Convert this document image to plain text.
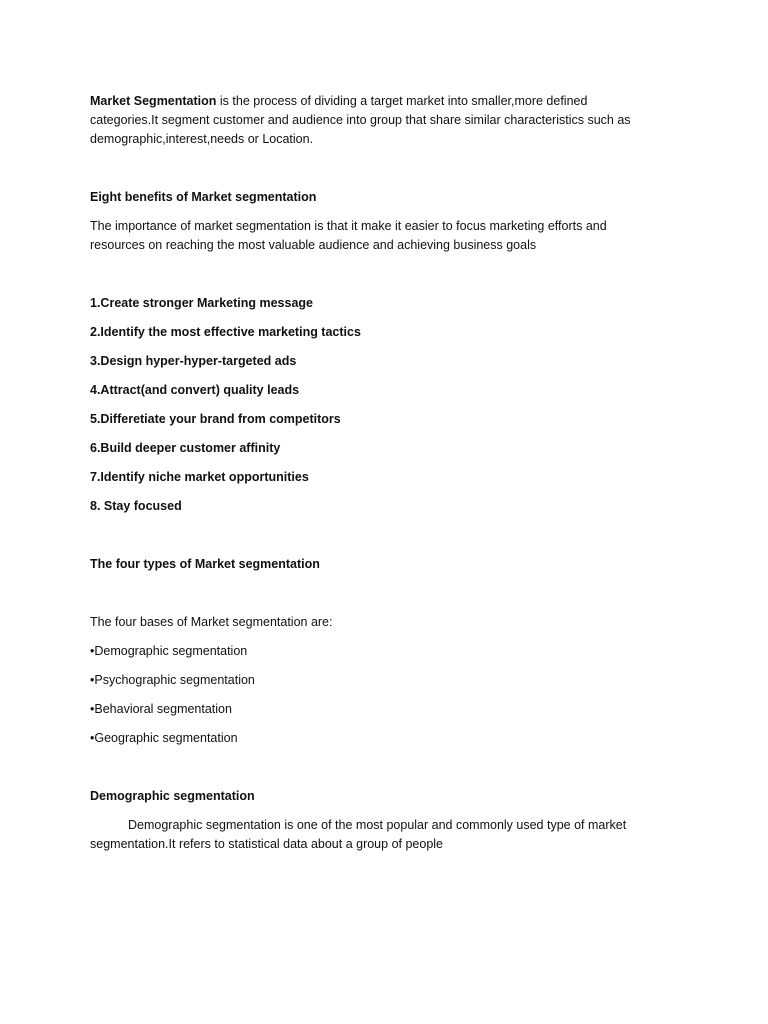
Market Segmentation is the process of dividing a target market into smaller,more defined categories.It segment customer and audience into group that share similar characteristics such as demographic,interest,needs or Location.

Eight benefits of Market segmentation

The importance of market segmentation is that it make it easier to focus marketing efforts and resources on reaching the most valuable audience and achieving business goals

1.Create stronger Marketing message

2.Identify the most effective marketing tactics

3.Design hyper-hyper-targeted ads

4.Attract(and convert) quality leads

5.Differetiate your brand from competitors

6.Build deeper customer affinity

7.Identify niche market opportunities

8. Stay focused

The four types of Market segmentation

The four bases of Market segmentation are:

•Demographic segmentation

•Psychographic segmentation

•Behavioral segmentation

•Geographic segmentation

Demographic segmentation

Demographic segmentation is one of the most popular and commonly used type of market segmentation.It refers to statistical data about a group of people
